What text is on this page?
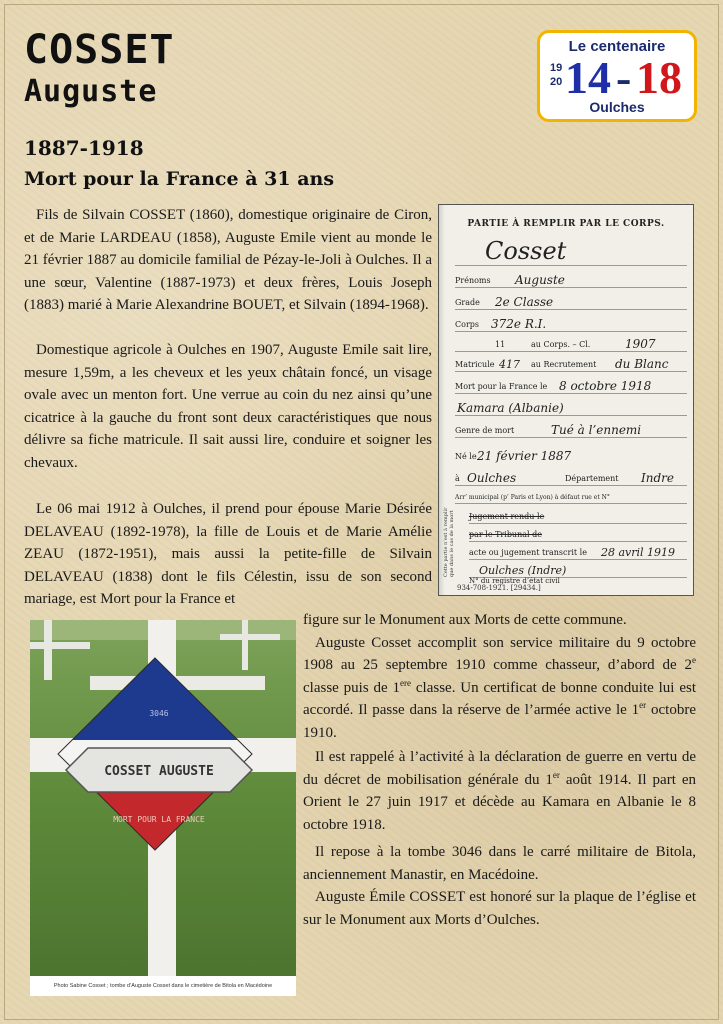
COSSET
Auguste
1887-1918
Mort pour la France à 31 ans
Le centenaire
19
20 14 - 18
Oulches
Fils de Silvain COSSET (1860), domestique originaire de Ciron, et de Marie LARDEAU (1858), Auguste Emile vient au monde le 21 février 1887 au domicile familial de Pézay-le-Joli à Oulches. Il a une sœur, Valentine (1887-1973) et deux frères, Louis Joseph (1883) marié à Marie Alexandrine BOUET, et Silvain (1894-1968).
Domestique agricole à Oulches en 1907, Auguste Emile sait lire, mesure 1,59m, a les cheveux et les yeux châtain foncé, un visage ovale avec un menton fort. Une verrue au coin du nez ainsi qu’une cicatrice à la gauche du front sont deux caractéristiques que nous délivre sa fiche matricule. Il sait aussi lire, conduire et soigner les chevaux.
Le 06 mai 1912 à Oulches, il prend pour épouse Marie Désirée DELAVEAU (1892-1978), la fille de Louis et de Marie Amélie ZEAU (1872-1951), mais aussi la petite-fille de Silvain DELAVEAU (1838) dont le fils Célestin, issu de son second mariage, est Mort pour la France et
figure sur le Monument aux Morts de cette commune.
Auguste Cosset accomplit son service militaire du 9 octobre 1908 au 25 septembre 1910 comme chasseur, d’abord de 2e classe puis de 1ere classe. Un certificat de bonne conduite lui est accordé. Il passe dans la réserve de l’armée active le 1er octobre 1910.
Il est rappelé à l’activité à la déclaration de guerre en vertu de du décret de mobilisation générale du 1er août 1914. Il part en Orient le 27 juin 1917 et décède au Kamara en Albanie le 8 octobre 1918.
Il repose à la tombe 3046 dans le carré militaire de Bitola, anciennement Manastir, en Macédoine.
Auguste Émile COSSET est honoré sur la plaque de l’église et sur le Monument aux Morts d’Oulches.
PARTIE À REMPLIR PAR LE CORPS.
Cosset
Prénoms Auguste
Grade 2e Classe
Corps 372e R.I.
11	au Corps. – Cl.	1907
Matricule 417 au Recrutement du Blanc
Mort pour la France le 8 octobre 1918
Kamara (Albanie)
Genre de mort	Tué à l’ennemi
Né le 21 février 1887
à Oulches	Département Indre
Arr’ municipal (p’ Paris et Lyon) à défaut rue et N°
Jugement rendu le
par le Tribunal de
acte ou jugement transcrit le 28 avril 1919
Oulches (Indre)
N° du registre d’état civil
Cette partie n’est à remplir que dans le cas de la mort
934-708-1921. [29434.]
COSSET AUGUSTE
3046
MORT POUR LA FRANCE
Photo Sabine Cosset ; tombe d’Auguste Cosset dans le cimetière de Bitola en Macédoine
